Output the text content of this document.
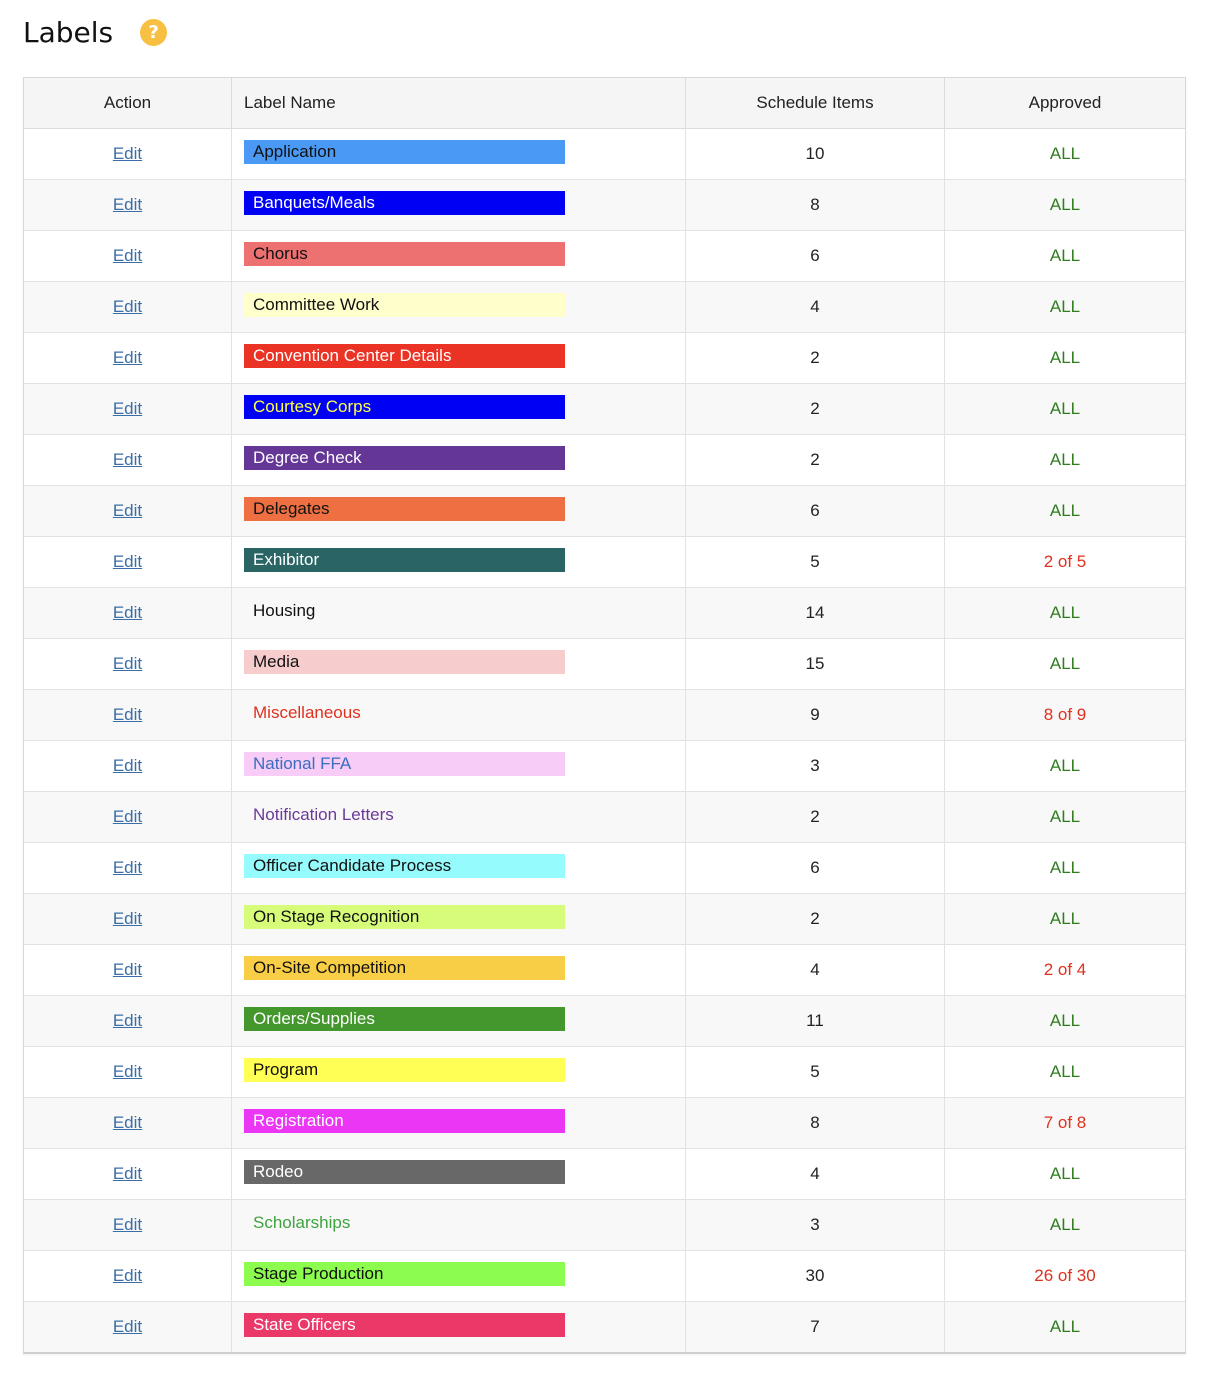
Labels	?
Action	Label Name	Schedule Items	Approved
Edit	Application	10	ALL
Edit	Banquets/Meals	8	ALL
Edit	Chorus	6	ALL
Edit	Committee Work	4	ALL
Edit	Convention Center Details	2	ALL
Edit	Courtesy Corps	2	ALL
Edit	Degree Check	2	ALL
Edit	Delegates	6	ALL
Edit	Exhibitor	5	2 of 5
Edit	Housing	14	ALL
Edit	Media	15	ALL
Edit	Miscellaneous	9	8 of 9
Edit	National FFA	3	ALL
Edit	Notification Letters	2	ALL
Edit	Officer Candidate Process	6	ALL
Edit	On Stage Recognition	2	ALL
Edit	On-Site Competition	4	2 of 4
Edit	Orders/Supplies	11	ALL
Edit	Program	5	ALL
Edit	Registration	8	7 of 8
Edit	Rodeo	4	ALL
Edit	Scholarships	3	ALL
Edit	Stage Production	30	26 of 30
Edit	State Officers	7	ALL
